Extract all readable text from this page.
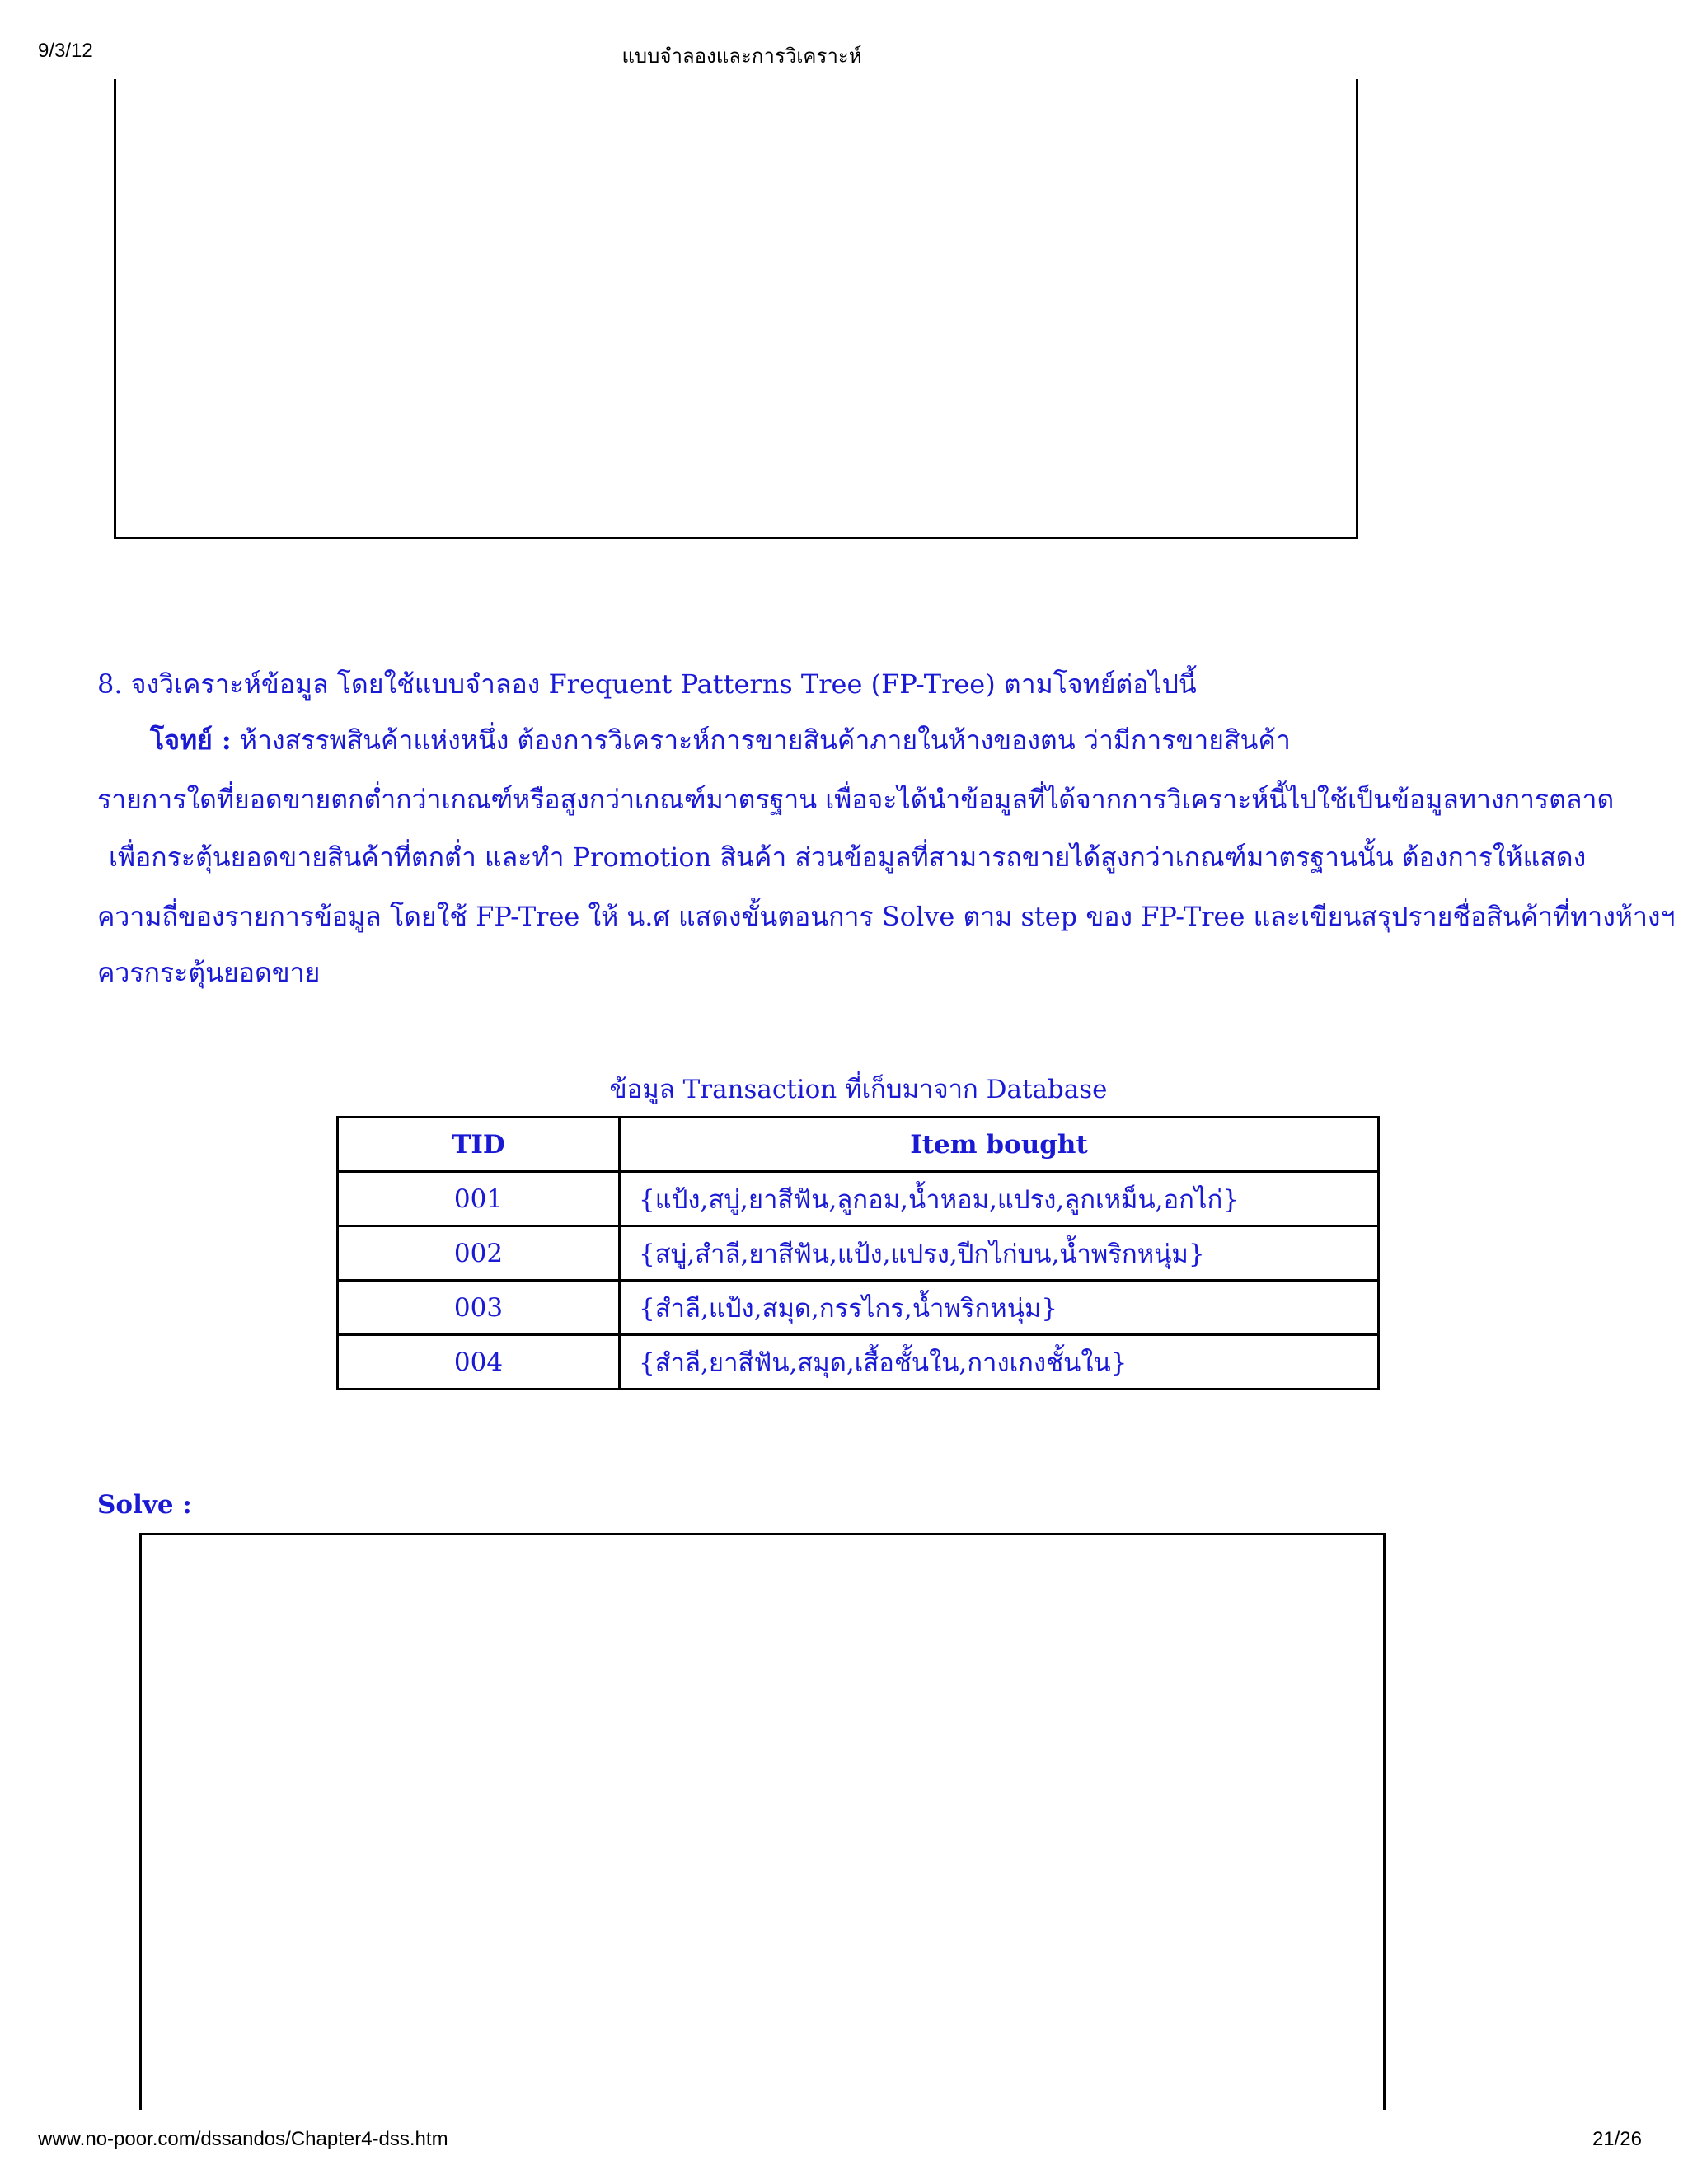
9/3/12	แบบจำลองและการวิเคราะห์
8. จงวิเคราะห์ข้อมูล โดยใช้แบบจำลอง Frequent Patterns Tree (FP-Tree) ตามโจทย์ต่อไปนี้
โจทย์ : ห้างสรรพสินค้าแห่งหนึ่ง ต้องการวิเคราะห์การขายสินค้าภายในห้างของตน ว่ามีการขายสินค้า
รายการใดที่ยอดขายตกต่ำกว่าเกณฑ์หรือสูงกว่าเกณฑ์มาตรฐาน เพื่อจะได้นำข้อมูลที่ได้จากการวิเคราะห์นี้ไปใช้เป็นข้อมูลทางการตลาด
เพื่อกระตุ้นยอดขายสินค้าที่ตกต่ำ และทำ Promotion สินค้า ส่วนข้อมูลที่สามารถขายได้สูงกว่าเกณฑ์มาตรฐานนั้น ต้องการให้แสดง
ความถี่ของรายการข้อมูล โดยใช้ FP-Tree ให้ น.ศ แสดงขั้นตอนการ Solve ตาม step ของ FP-Tree และเขียนสรุปรายชื่อสินค้าที่ทางห้างฯ
ควรกระตุ้นยอดขาย
ข้อมูล Transaction ที่เก็บมาจาก Database
TID	Item bought
001	{แป้ง,สบู่,ยาสีฟัน,ลูกอม,น้ำหอม,แปรง,ลูกเหม็น,อกไก่}
002	{สบู่,สำลี,ยาสีฟัน,แป้ง,แปรง,ปีกไก่บน,น้ำพริกหนุ่ม}
003	{สำลี,แป้ง,สมุด,กรรไกร,น้ำพริกหนุ่ม}
004	{สำลี,ยาสีฟัน,สมุด,เสื้อชั้นใน,กางเกงชั้นใน}
Solve :
www.no-poor.com/dssandos/Chapter4-dss.htm	21/26
